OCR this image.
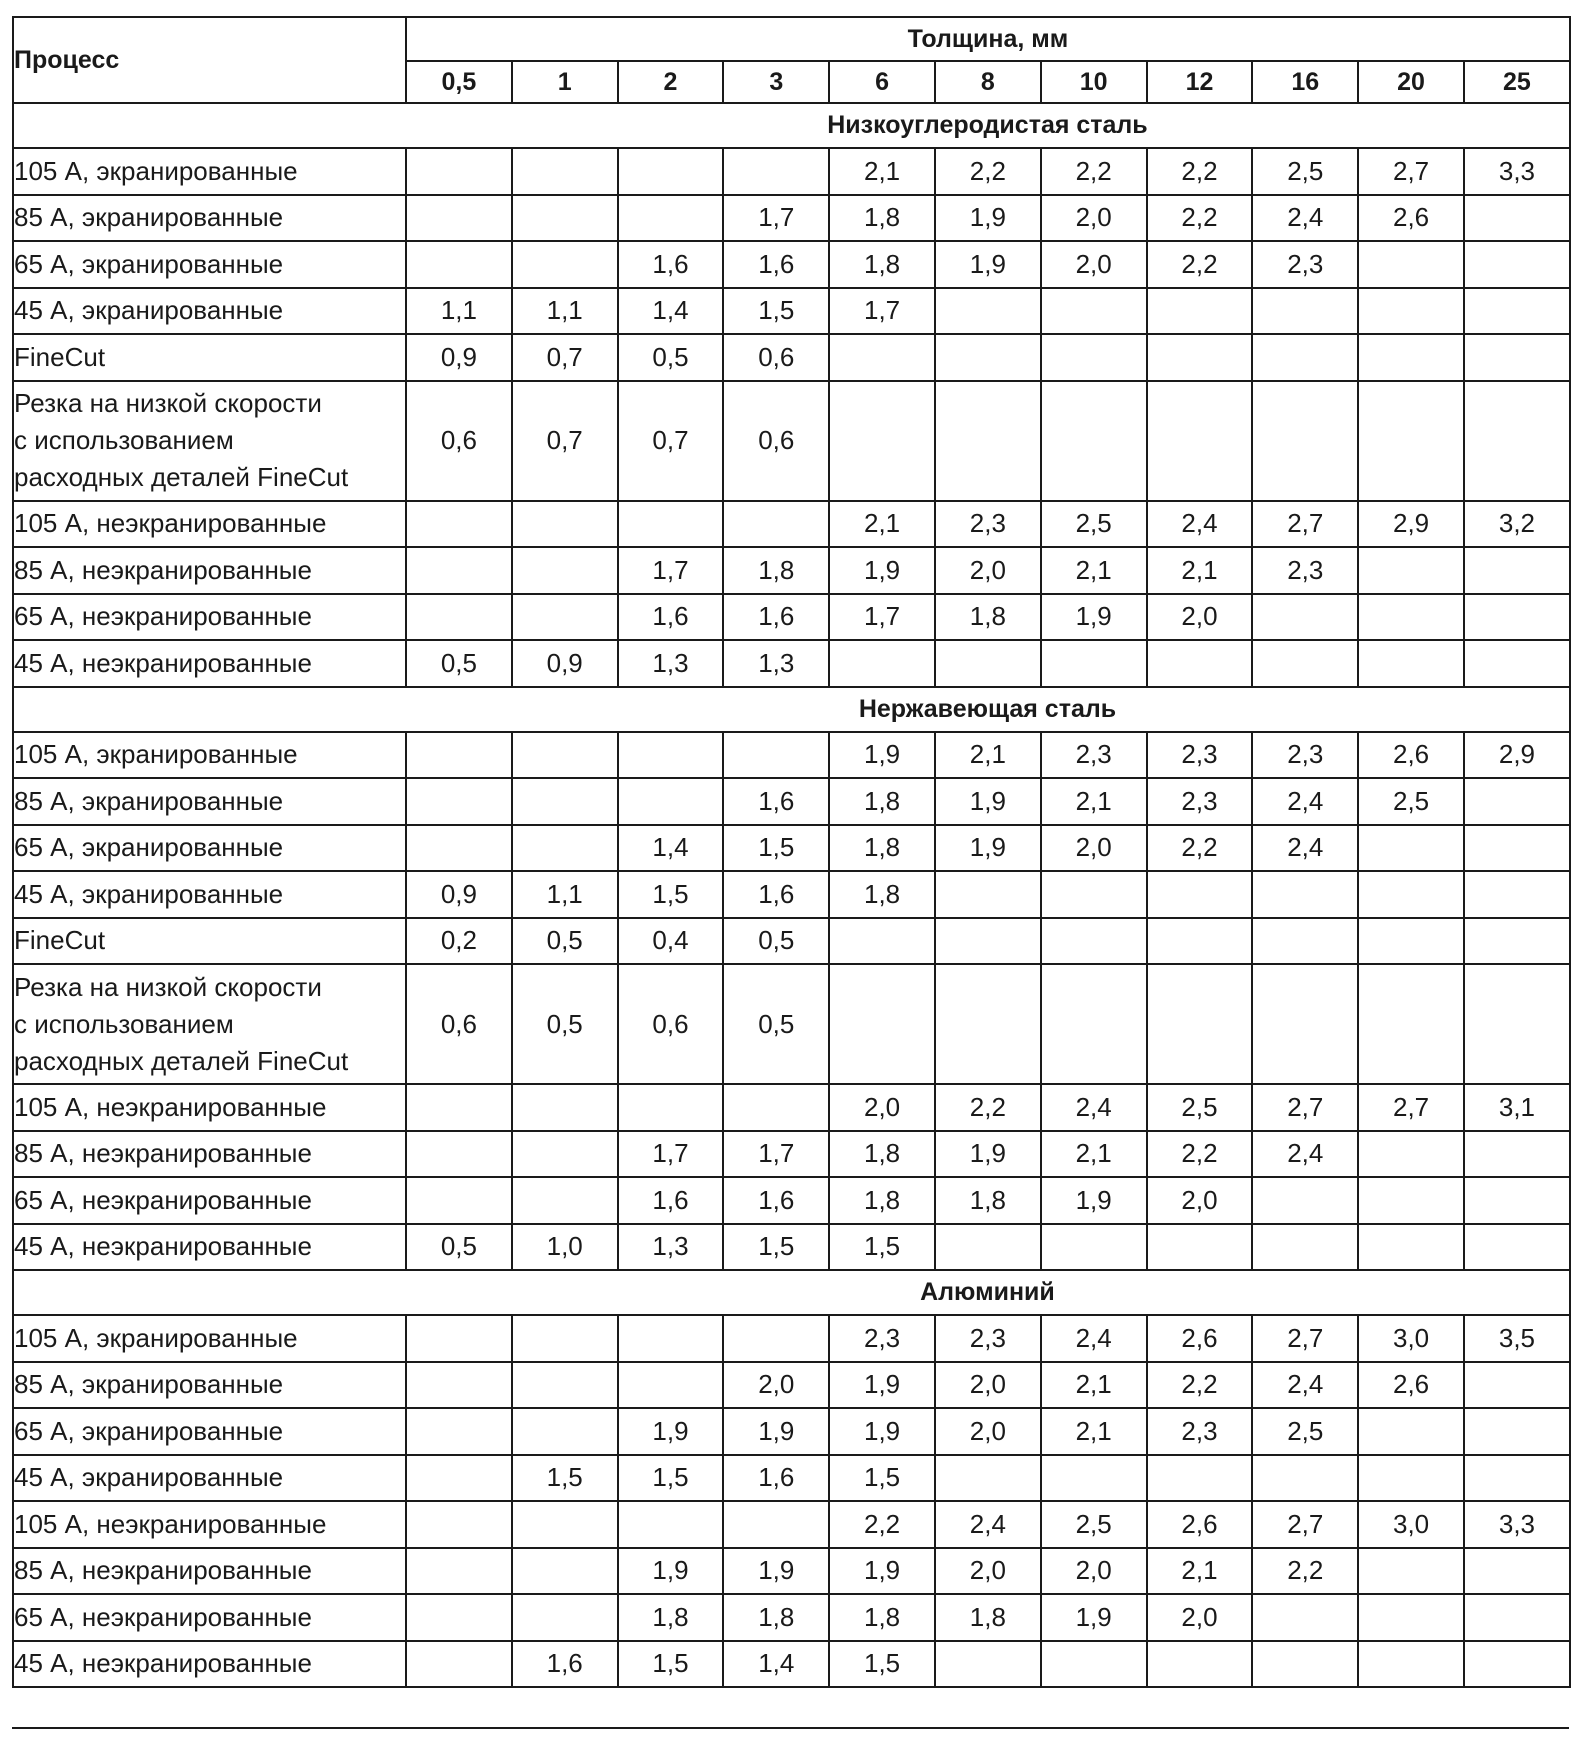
Процесс	Толщина, мм										
	0,5	1	2	3	6	8	10	12	16	20	25
	Низкоуглеродистая сталь										
105 А, экранированные					2,1	2,2	2,2	2,2	2,5	2,7	3,3
85 А, экранированные				1,7	1,8	1,9	2,0	2,2	2,4	2,6	
65 А, экранированные			1,6	1,6	1,8	1,9	2,0	2,2	2,3		
45 А, экранированные	1,1	1,1	1,4	1,5	1,7						
FineCut	0,9	0,7	0,5	0,6							

Резка на низкой скорости
с использованием
расходных деталей FineCut	0,6	0,7	0,7	0,6							
105 А, неэкранированные					2,1	2,3	2,5	2,4	2,7	2,9	3,2
85 А, неэкранированные			1,7	1,8	1,9	2,0	2,1	2,1	2,3		
65 А, неэкранированные			1,6	1,6	1,7	1,8	1,9	2,0			
45 А, неэкранированные	0,5	0,9	1,3	1,3							
	Нержавеющая сталь										
105 А, экранированные					1,9	2,1	2,3	2,3	2,3	2,6	2,9
85 А, экранированные				1,6	1,8	1,9	2,1	2,3	2,4	2,5	
65 А, экранированные			1,4	1,5	1,8	1,9	2,0	2,2	2,4		
45 А, экранированные	0,9	1,1	1,5	1,6	1,8						
FineCut	0,2	0,5	0,4	0,5							

Резка на низкой скорости
с использованием
расходных деталей FineCut	0,6	0,5	0,6	0,5							
105 А, неэкранированные					2,0	2,2	2,4	2,5	2,7	2,7	3,1
85 А, неэкранированные			1,7	1,7	1,8	1,9	2,1	2,2	2,4		
65 А, неэкранированные			1,6	1,6	1,8	1,8	1,9	2,0			
45 А, неэкранированные	0,5	1,0	1,3	1,5	1,5						
	Алюминий										
105 А, экранированные					2,3	2,3	2,4	2,6	2,7	3,0	3,5
85 А, экранированные				2,0	1,9	2,0	2,1	2,2	2,4	2,6	
65 А, экранированные			1,9	1,9	1,9	2,0	2,1	2,3	2,5		
45 А, экранированные		1,5	1,5	1,6	1,5						
105 А, неэкранированные					2,2	2,4	2,5	2,6	2,7	3,0	3,3
85 А, неэкранированные			1,9	1,9	1,9	2,0	2,0	2,1	2,2		
65 А, неэкранированные			1,8	1,8	1,8	1,8	1,9	2,0			
45 А, неэкранированные		1,6	1,5	1,4	1,5						
